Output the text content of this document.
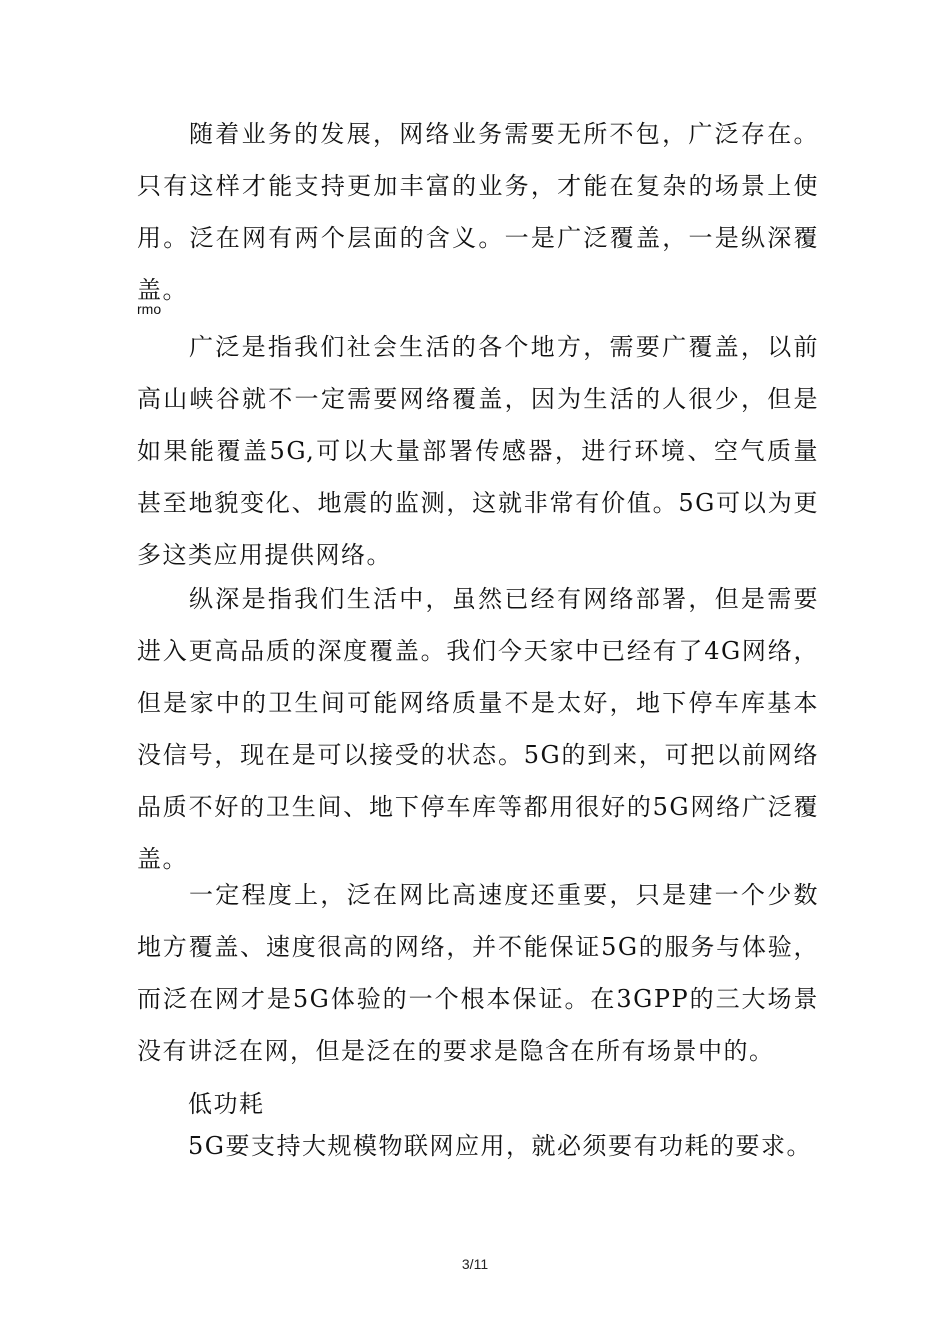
随着业务的发展，网络业务需要无所不包，广泛存在。只有这样才能支持更加丰富的业务，才能在复杂的场景上使用。泛在网有两个层面的含义。一是广泛覆盖，一是纵深覆盖。

rmo

广泛是指我们社会生活的各个地方，需要广覆盖，以前高山峡谷就不一定需要网络覆盖，因为生活的人很少，但是如果能覆盖5G,可以大量部署传感器，进行环境、空气质量甚至地貌变化、地震的监测，这就非常有价值。5G可以为更多这类应用提供网络。

纵深是指我们生活中，虽然已经有网络部署，但是需要进入更高品质的深度覆盖。我们今天家中已经有了4G网络，但是家中的卫生间可能网络质量不是太好，地下停车库基本没信号，现在是可以接受的状态。5G的到来，可把以前网络品质不好的卫生间、地下停车库等都用很好的5G网络广泛覆盖。

一定程度上，泛在网比高速度还重要，只是建一个少数地方覆盖、速度很高的网络，并不能保证5G的服务与体验，而泛在网才是5G体验的一个根本保证。在3GPP的三大场景没有讲泛在网，但是泛在的要求是隐含在所有场景中的。

低功耗

5G要支持大规模物联网应用，就必须要有功耗的要求。

3/11
